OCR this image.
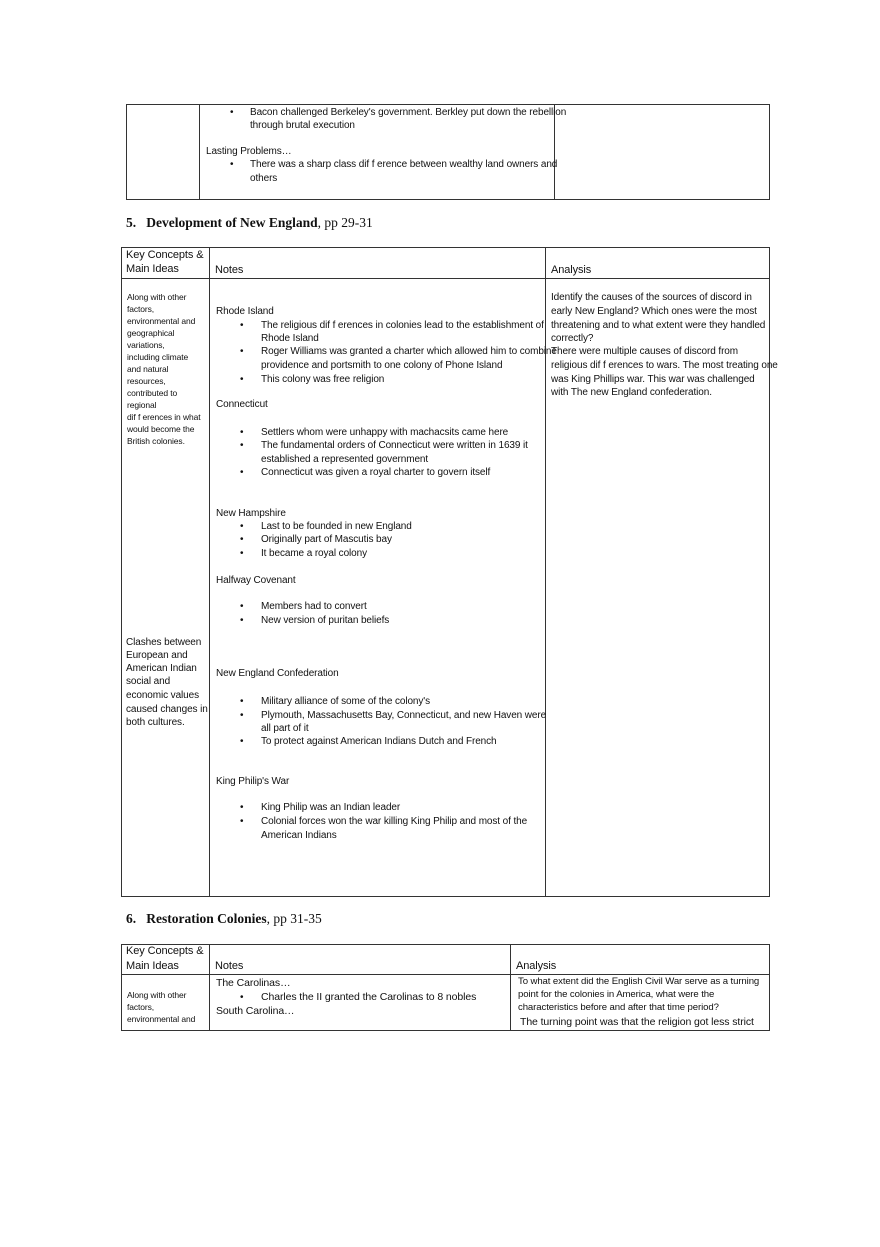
• Bacon challenged Berkeley's government. Berkley put down the rebellion
through brutal execution
Lasting Problems…
• There was a sharp class dif f erence between wealthy land owners and
others
5. Development of New England, pp 29-31
Key Concepts &
Main Ideas	Notes	Analysis
Along with other
factors,
environmental and
geographical
variations,
including climate
and natural
resources,
contributed to
regional
dif f erences in what
would become the
British colonies.
Clashes between
European and
American Indian
social and
economic values
caused changes in
both cultures.
Rhode Island
• The religious dif f erences in colonies lead to the establishment of
Rhode Island
• Roger Williams was granted a charter which allowed him to combine
providence and portsmith to one colony of Phone Island
• This colony was free religion
Connecticut
• Settlers whom were unhappy with machacsits came here
• The fundamental orders of Connecticut were written in 1639 it
established a represented government
• Connecticut was given a royal charter to govern itself
New Hampshire
• Last to be founded in new England
• Originally part of Mascutis bay
• It became a royal colony
Halfway Covenant
• Members had to convert
• New version of puritan beliefs
New England Confederation
• Military alliance of some of the colony's
• Plymouth, Massachusetts Bay, Connecticut, and new Haven were
all part of it
• To protect against American Indians Dutch and French
King Philip's War
• King Philip was an Indian leader
• Colonial forces won the war killing King Philip and most of the
American Indians
Identify the causes of the sources of discord in
early New England? Which ones were the most
threatening and to what extent were they handled
correctly?
There were multiple causes of discord from
religious dif f erences to wars. The most treating one
was King Phillips war. This war was challenged
with The new England confederation.
6. Restoration Colonies, pp 31-35
Key Concepts &
Main Ideas	Notes	Analysis
Along with other
factors,
environmental and
The Carolinas…
• Charles the II granted the Carolinas to 8 nobles
South Carolina…
To what extent did the English Civil War serve as a turning
point for the colonies in America, what were the
characteristics before and after that time period?
The turning point was that the religion got less strict
